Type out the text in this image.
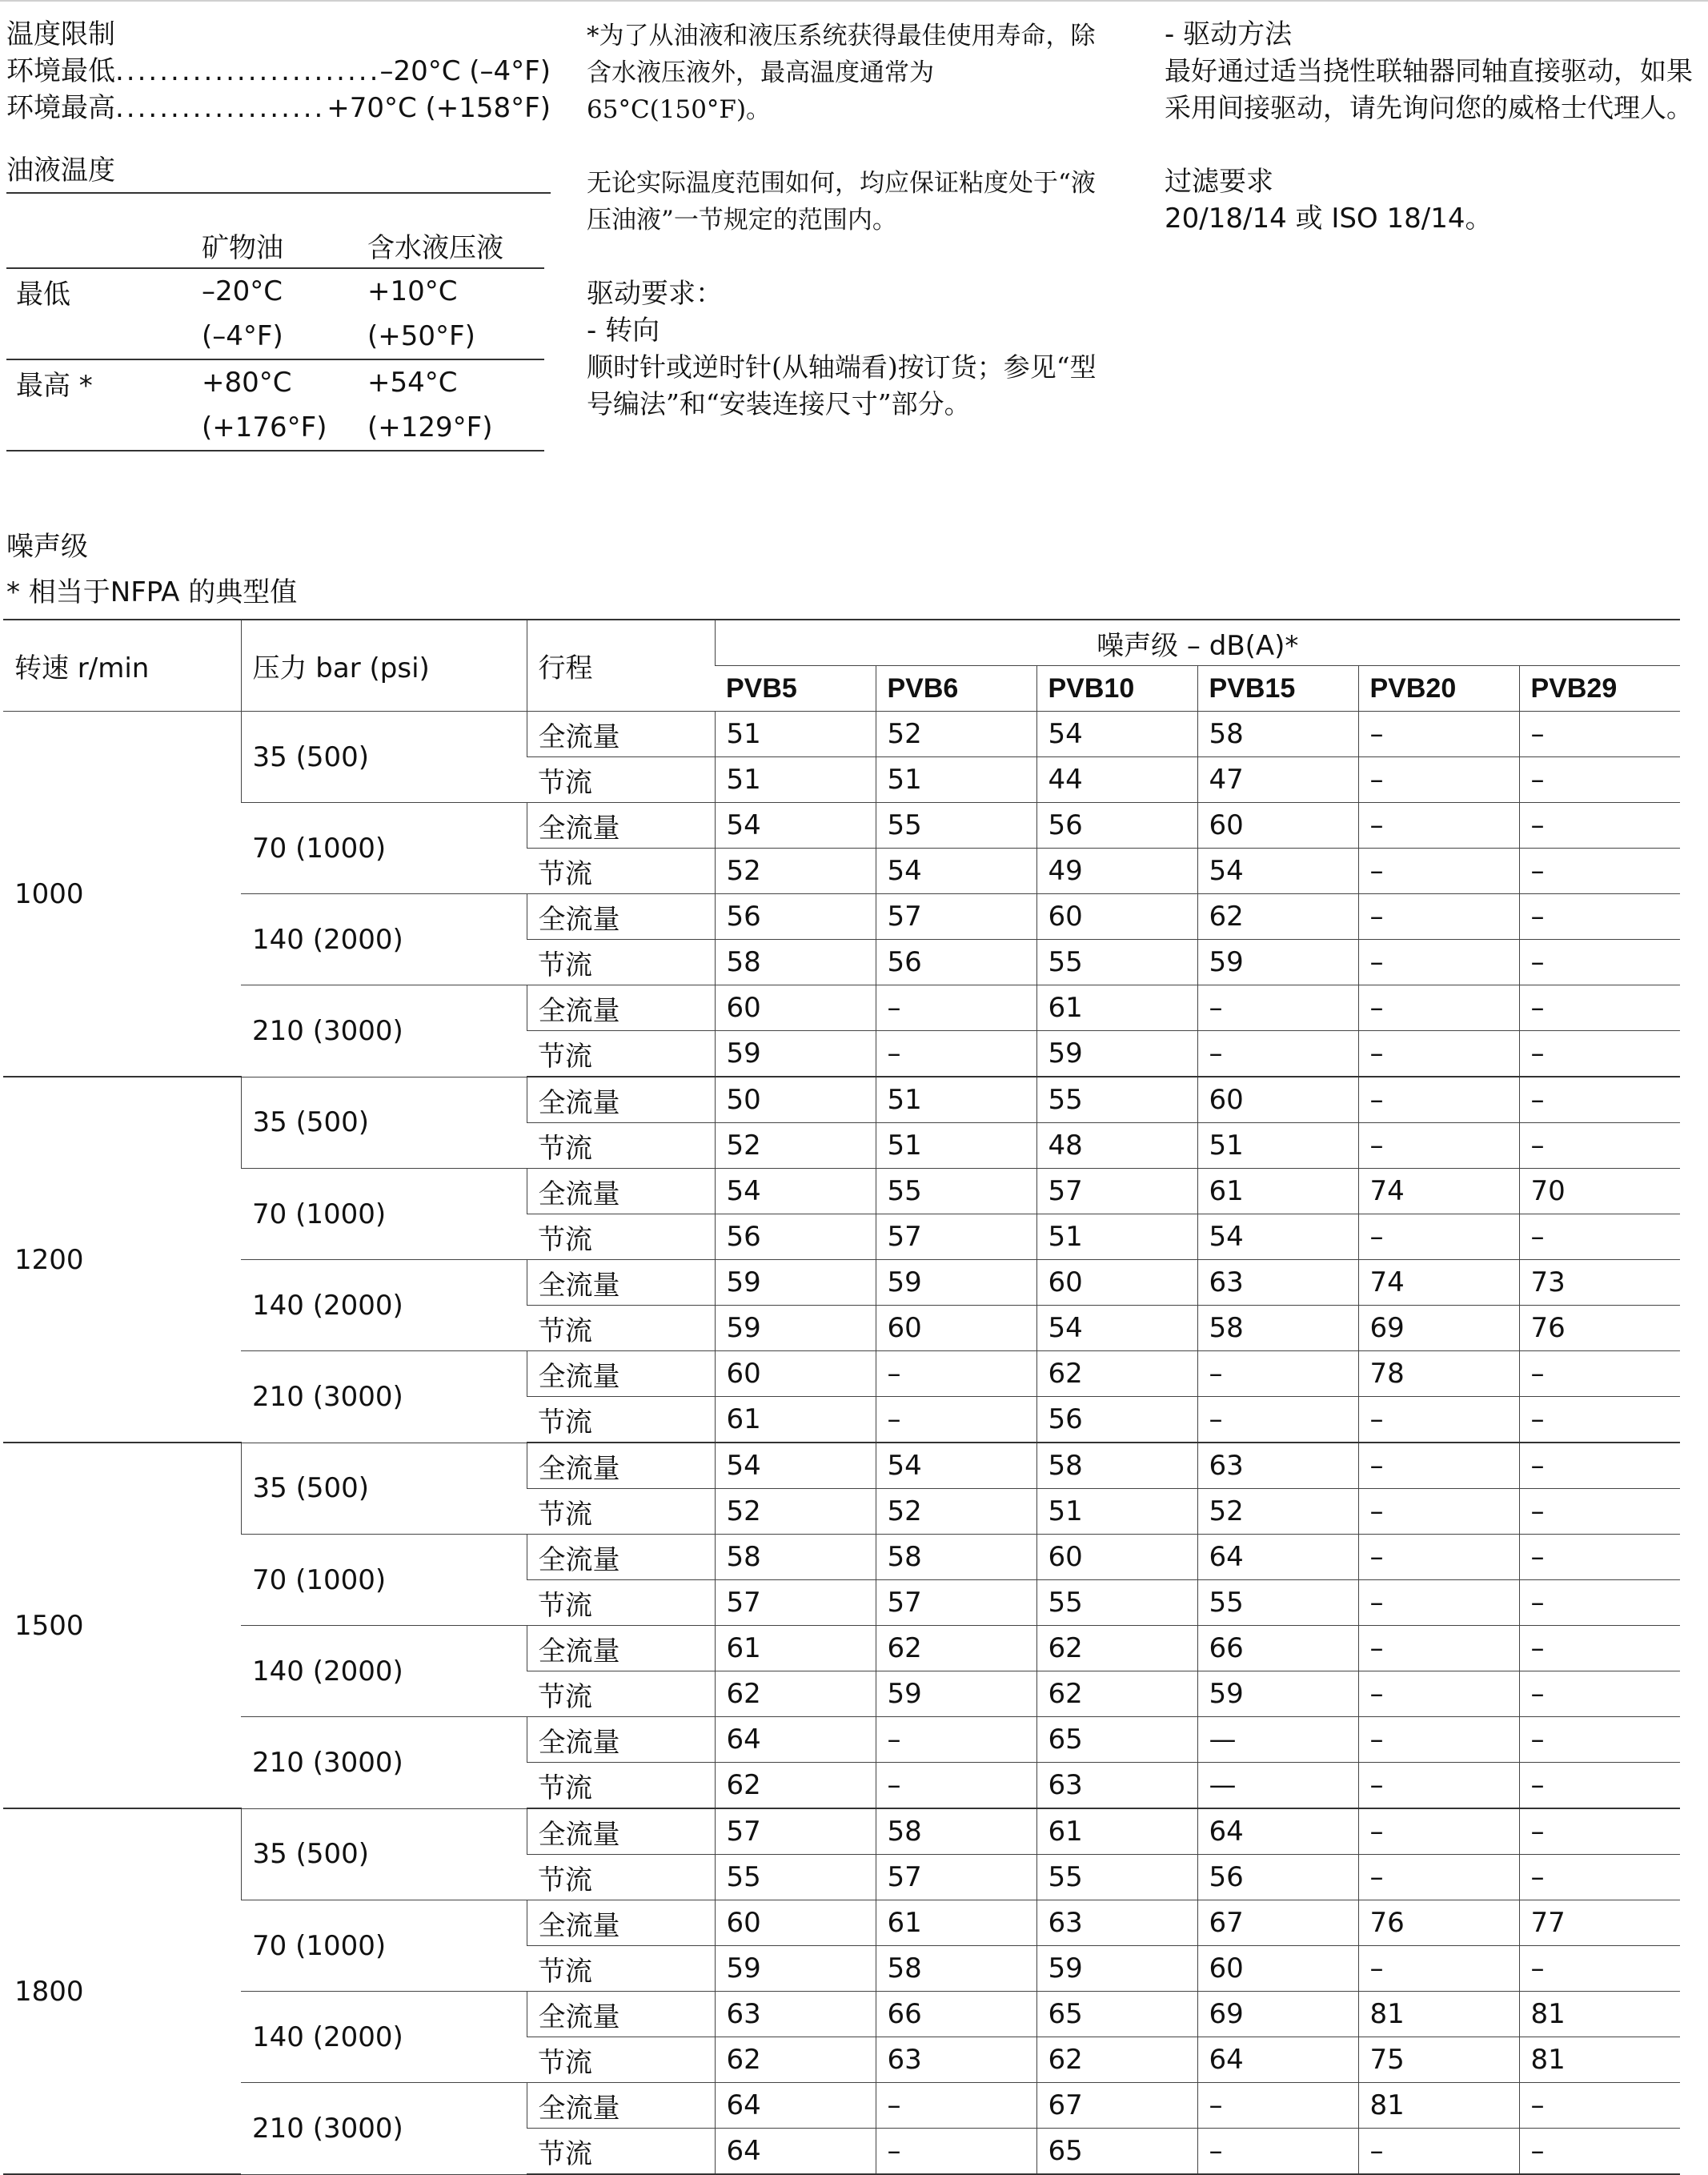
温度限制
环境最低 .....	–20°C (–4°F)
环境最高 .....	+70°C (+158°F)
油液温度
	矿物油	含水液压液
最低	–20°C	+10°C
	(–4°F)	(+50°F)
最高 *	+80°C	+54°C
	(+176°F)	(+129°F)
*为了从油液和液压系统获得最佳使用寿命，除含水液压液外，最高温度通常为 65°C(150°F)。
无论实际温度范围如何，均应保证粘度处于“液压油液”一节规定的范围内。
驱动要求：
- 转向
顺时针或逆时针(从轴端看)按订货；参见“型号编法”和“安装连接尺寸”部分。
- 驱动方法
最好通过适当挠性联轴器同轴直接驱动，如果采用间接驱动，请先询问您的威格士代理人。
过滤要求
20/18/14 或 ISO 18/14。
噪声级
* 相当于NFPA 的典型值
转速 r/min	压力 bar (psi)	行程	噪声级 – dB(A)*					
			PVB5	PVB6	PVB10	PVB15	PVB20	PVB29
1000	35 (500)	全流量	51	52	54	58	–	–
		节流	51	51	44	47	–	–
	70 (1000)	全流量	54	55	56	60	–	–
		节流	52	54	49	54	–	–
	140 (2000)	全流量	56	57	60	62	–	–
		节流	58	56	55	59	–	–
	210 (3000)	全流量	60	–	61	–	–	–
		节流	59	–	59	–	–	–
1200	35 (500)	全流量	50	51	55	60	–	–
		节流	52	51	48	51	–	–
	70 (1000)	全流量	54	55	57	61	74	70
		节流	56	57	51	54	–	–
	140 (2000)	全流量	59	59	60	63	74	73
		节流	59	60	54	58	69	76
	210 (3000)	全流量	60	–	62	–	78	–
		节流	61	–	56	–	–	–
1500	35 (500)	全流量	54	54	58	63	–	–
		节流	52	52	51	52	–	–
	70 (1000)	全流量	58	58	60	64	–	–
		节流	57	57	55	55	–	–
	140 (2000)	全流量	61	62	62	66	–	–
		节流	62	59	62	59	–	–
	210 (3000)	全流量	64	–	65	—	–	–
		节流	62	–	63	—	–	–
1800	35 (500)	全流量	57	58	61	64	–	–
		节流	55	57	55	56	–	–
	70 (1000)	全流量	60	61	63	67	76	77
		节流	59	58	59	60	–	–
	140 (2000)	全流量	63	66	65	69	81	81
		节流	62	63	62	64	75	81
	210 (3000)	全流量	64	–	67	–	81	–
		节流	64	–	65	–	–	–
